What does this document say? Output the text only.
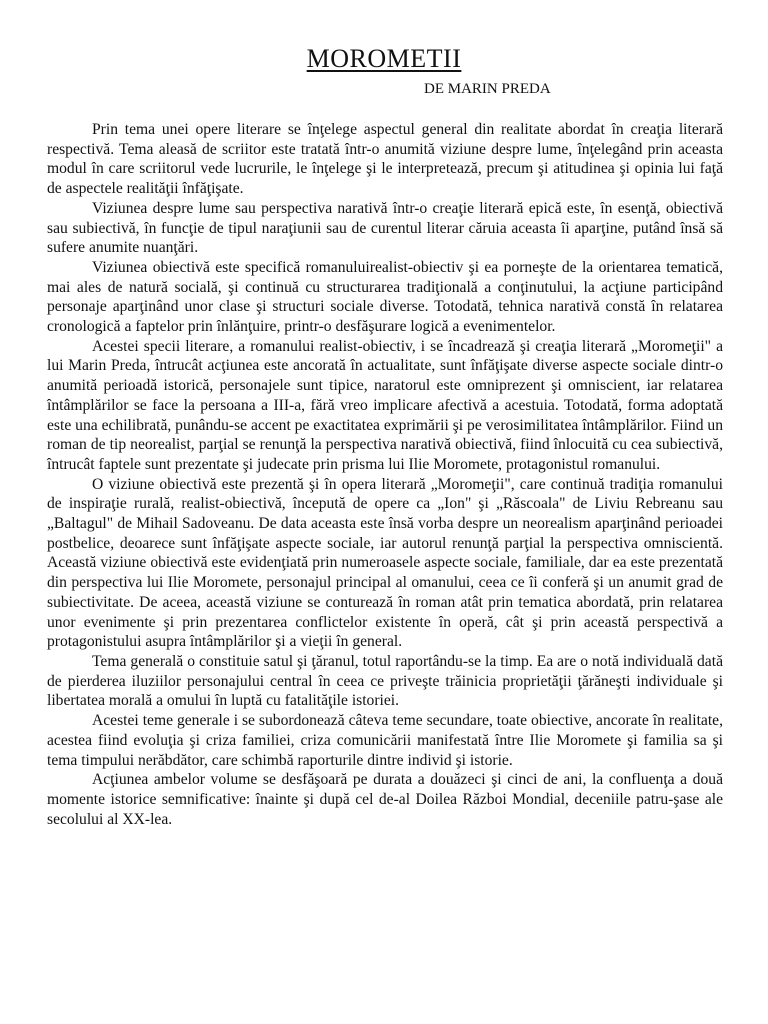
MOROMETII
DE MARIN PREDA

Prin tema unei opere literare se înţelege aspectul general din realitate abordat în creaţia literară respectivă. Tema aleasă de scriitor este tratată într-o anumită viziune despre lume, înţelegând prin aceasta modul în care scriitorul vede lucrurile, le înţelege şi le interpretează, precum şi atitudinea şi opinia lui faţă de aspectele realităţii înfăţişate.

Viziunea despre lume sau perspectiva narativă într-o creaţie literară epică este, în esenţă, obiectivă sau subiectivă, în funcţie de tipul naraţiunii sau de curentul literar căruia aceasta îi aparţine, putând însă să sufere anumite nuanţări.

Viziunea obiectivă este specifică romanuluirealist-obiectiv şi ea porneşte de la orientarea tematică, mai ales de natură socială, şi continuă cu structurarea tradiţională a conţinutului, la acţiune participând personaje aparţinând unor clase şi structuri sociale diverse. Totodată, tehnica narativă constă în relatarea cronologică a faptelor prin înlănţuire, printr-o desfăşurare logică a evenimentelor.

Acestei specii literare, a romanului realist-obiectiv, i se încadrează şi creaţia literară „Moromeţii" a lui Marin Preda, întrucât acţiunea este ancorată în actualitate, sunt înfăţişate diverse aspecte sociale dintr-o anumită perioadă istorică, personajele sunt tipice, naratorul este omniprezent şi omniscient, iar relatarea întâmplărilor se face la persoana a III-a, fără vreo implicare afectivă a acestuia. Totodată, forma adoptată este una echilibrată, punându-se accent pe exactitatea exprimării şi pe verosimilitatea întâmplărilor. Fiind un roman de tip neorealist, parţial se renunţă la perspectiva narativă obiectivă, fiind înlocuită cu cea subiectivă, întrucât faptele sunt prezentate şi judecate prin prisma lui Ilie Moromete, protagonistul romanului.

O viziune obiectivă este prezentă şi în opera literară „Moromeţii", care continuă tradiţia romanului de inspiraţie rurală, realist-obiectivă, începută de opere ca „Ion" şi „Răscoala" de Liviu Rebreanu sau „Baltagul" de Mihail Sadoveanu. De data aceasta este însă vorba despre un neorealism aparţinând perioadei postbelice, deoarece sunt înfăţişate aspecte sociale, iar autorul renunţă parţial la perspectiva omniscientă. Această viziune obiectivă este evidenţiată prin numeroasele aspecte sociale, familiale, dar ea este prezentată din perspectiva lui Ilie Moromete, personajul principal al omanului, ceea ce îi conferă şi un anumit grad de subiectivitate. De aceea, această viziune se conturează în roman atât prin tematica abordată, prin relatarea unor evenimente şi prin prezentarea conflictelor existente în operă, cât şi prin această perspectivă a protagonistului asupra întâmplărilor şi a vieţii în general.

Tema generală o constituie satul şi ţăranul, totul raportându-se la timp. Ea are o notă individuală dată de pierderea iluziilor personajului central în ceea ce priveşte trăinicia proprietăţii ţărăneşti individuale şi libertatea morală a omului în luptă cu fatalităţile istoriei.

Acestei teme generale i se subordonează câteva teme secundare, toate obiective, ancorate în realitate, acestea fiind evoluţia şi criza familiei, criza comunicării manifestată între Ilie Moromete şi familia sa şi tema timpului nerăbdător, care schimbă raporturile dintre individ şi istorie.

Acţiunea ambelor volume se desfăşoară pe durata a douăzeci şi cinci de ani, la confluenţa a două momente istorice semnificative: înainte şi după cel de-al Doilea Război Mondial, deceniile patru-şase ale secolului al XX-lea.
